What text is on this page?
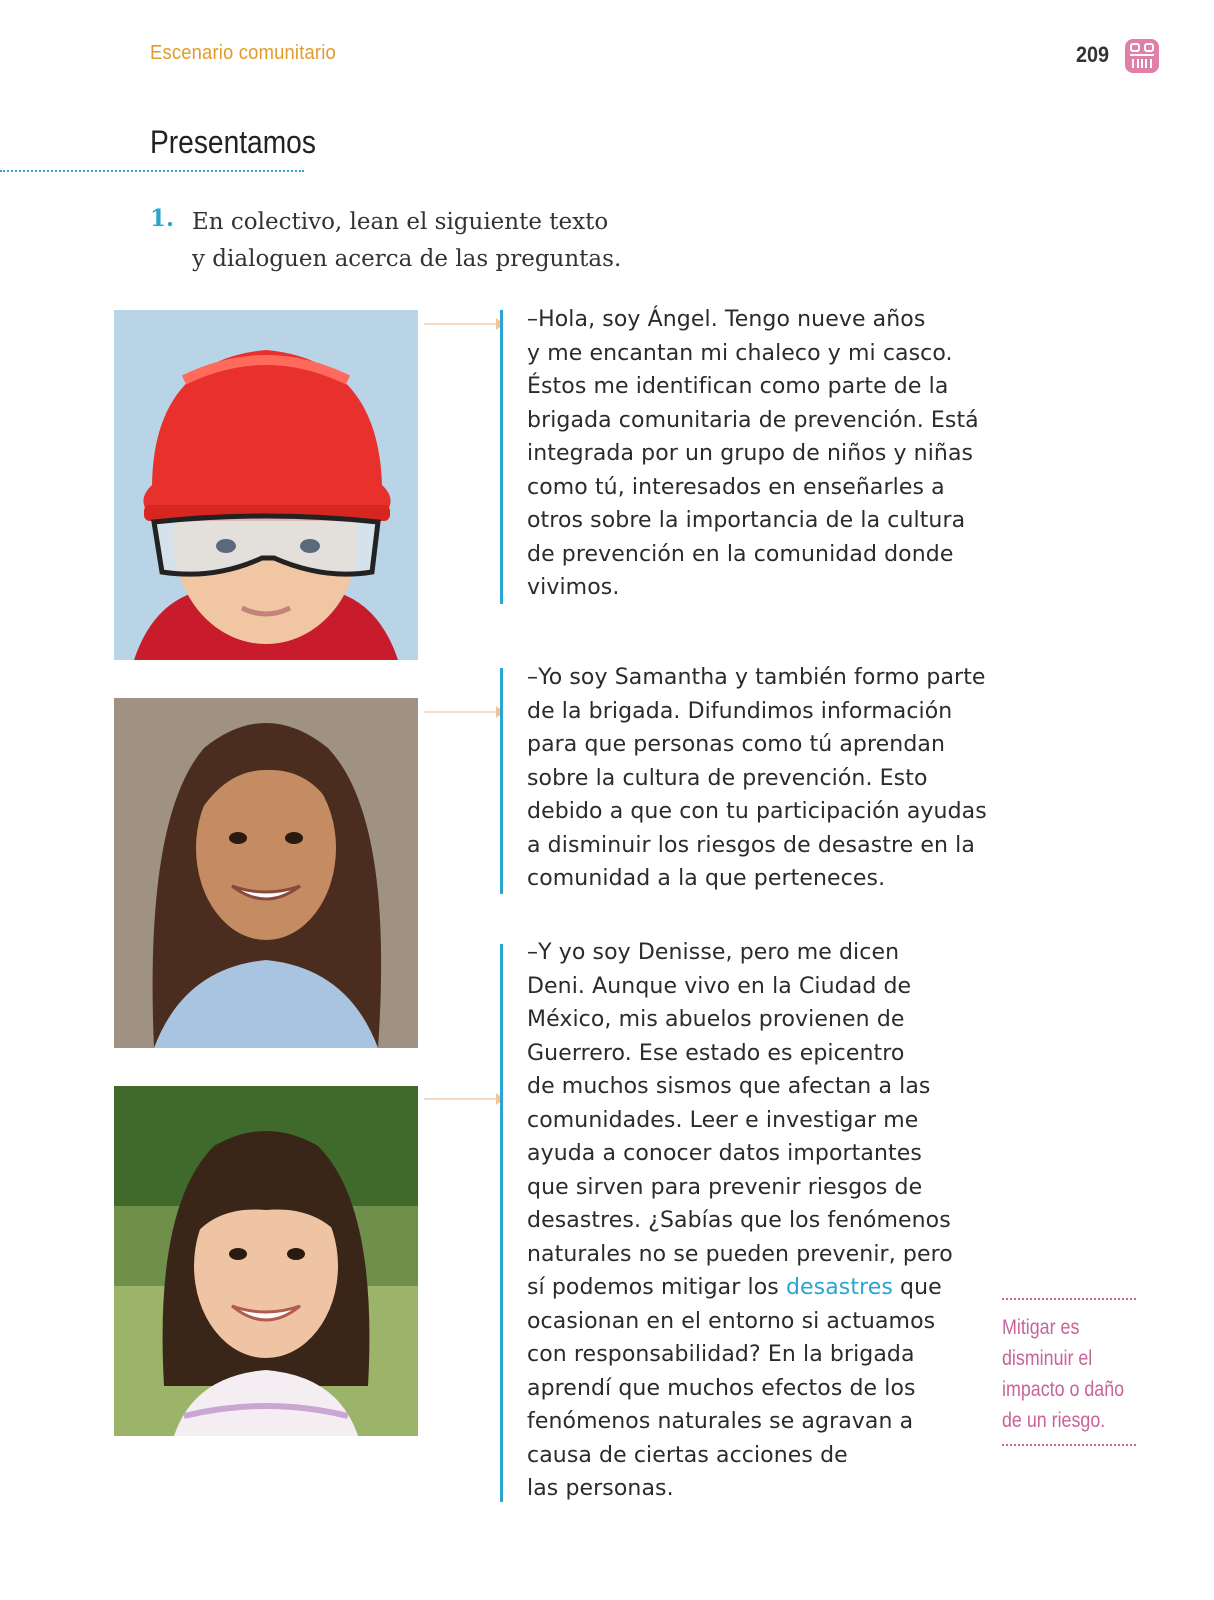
Escenario comunitario	209
Presentamos
1. En colectivo, lean el siguiente texto
y dialoguen acerca de las preguntas.
–Hola, soy Ángel. Tengo nueve años
y me encantan mi chaleco y mi casco.
Éstos me identifican como parte de la
brigada comunitaria de prevención. Está
integrada por un grupo de niños y niñas
como tú, interesados en enseñarles a
otros sobre la importancia de la cultura
de prevención en la comunidad donde
vivimos.
–Yo soy Samantha y también formo parte
de la brigada. Difundimos información
para que personas como tú aprendan
sobre la cultura de prevención. Esto
debido a que con tu participación ayudas
a disminuir los riesgos de desastre en la
comunidad a la que perteneces.
–Y yo soy Denisse, pero me dicen
Deni. Aunque vivo en la Ciudad de
México, mis abuelos provienen de
Guerrero. Ese estado es epicentro
de muchos sismos que afectan a las
comunidades. Leer e investigar me
ayuda a conocer datos importantes
que sirven para prevenir riesgos de
desastres. ¿Sabías que los fenómenos
naturales no se pueden prevenir, pero
sí podemos mitigar los desastres que
ocasionan en el entorno si actuamos
con responsabilidad? En la brigada
aprendí que muchos efectos de los
fenómenos naturales se agravan a
causa de ciertas acciones de
las personas.
Mitigar es
disminuir el
impacto o daño
de un riesgo.
